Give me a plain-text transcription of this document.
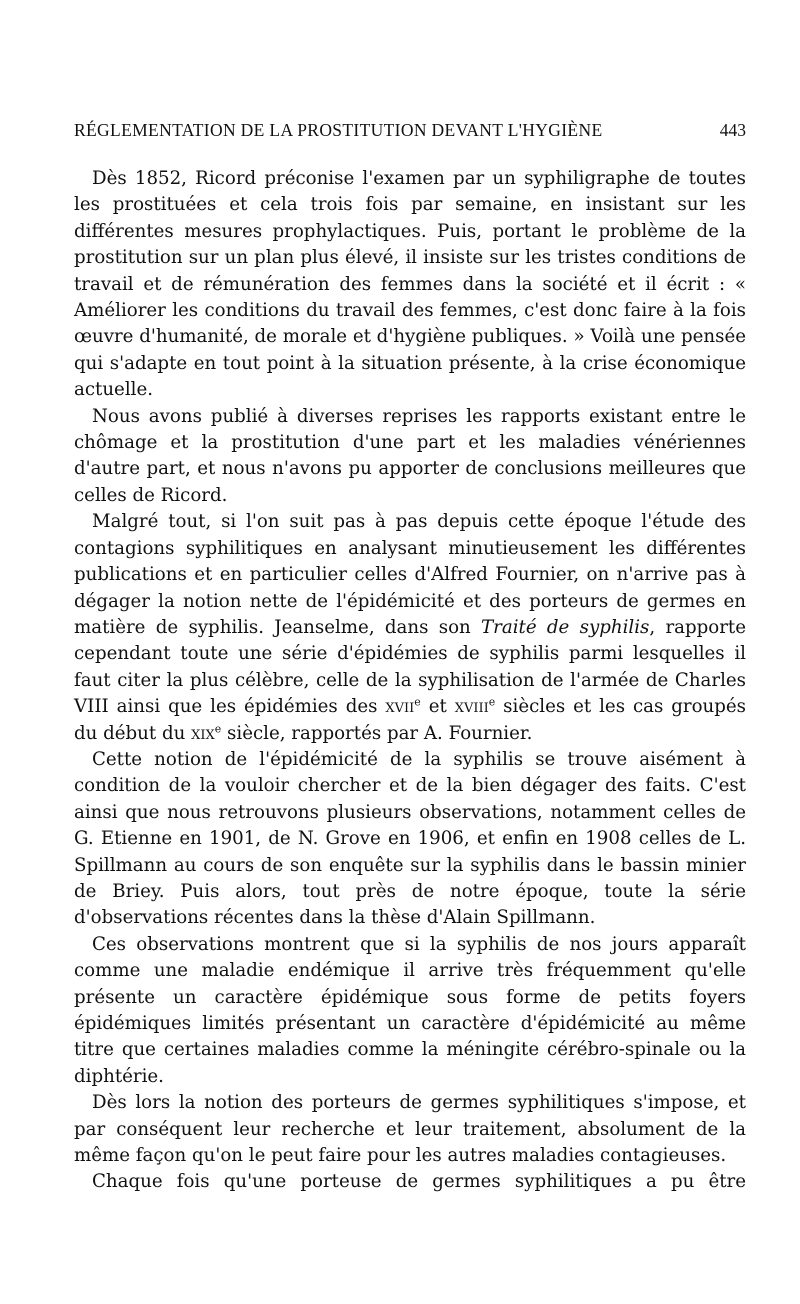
RÉGLEMENTATION DE LA PROSTITUTION DEVANT L'HYGIÈNE	443

Dès 1852, Ricord préconise l'examen par un syphiligraphe de toutes les prostituées et cela trois fois par semaine, en insistant sur les différentes mesures prophylactiques. Puis, portant le problème de la prostitution sur un plan plus élevé, il insiste sur les tristes conditions de travail et de rémunération des femmes dans la société et il écrit : « Améliorer les conditions du travail des femmes, c'est donc faire à la fois œuvre d'humanité, de morale et d'hygiène publiques. » Voilà une pensée qui s'adapte en tout point à la situation présente, à la crise économique actuelle.

Nous avons publié à diverses reprises les rapports existant entre le chômage et la prostitution d'une part et les maladies vénériennes d'autre part, et nous n'avons pu apporter de conclusions meilleures que celles de Ricord.

Malgré tout, si l'on suit pas à pas depuis cette époque l'étude des contagions syphilitiques en analysant minutieusement les différentes publications et en particulier celles d'Alfred Fournier, on n'arrive pas à dégager la notion nette de l'épidémicité et des porteurs de germes en matière de syphilis. Jeanselme, dans son Traité de syphilis, rapporte cependant toute une série d'épidémies de syphilis parmi lesquelles il faut citer la plus célèbre, celle de la syphilisation de l'armée de Charles VIII ainsi que les épidémies des xvii$^e$ et xviii$^e$ siècles et les cas groupés du début du xix$^e$ siècle, rapportés par A. Fournier.

Cette notion de l'épidémicité de la syphilis se trouve aisément à condition de la vouloir chercher et de la bien dégager des faits. C'est ainsi que nous retrouvons plusieurs observations, notamment celles de G. Etienne en 1901, de N. Grove en 1906, et enfin en 1908 celles de L. Spillmann au cours de son enquête sur la syphilis dans le bassin minier de Briey. Puis alors, tout près de notre époque, toute la série d'observations récentes dans la thèse d'Alain Spillmann.

Ces observations montrent que si la syphilis de nos jours apparaît comme une maladie endémique il arrive très fréquemment qu'elle présente un caractère épidémique sous forme de petits foyers épidémiques limités présentant un caractère d'épidémicité au même titre que certaines maladies comme la méningite cérébro-spinale ou la diphtérie.

Dès lors la notion des porteurs de germes syphilitiques s'impose, et par conséquent leur recherche et leur traitement, absolument de la même façon qu'on le peut faire pour les autres maladies contagieuses.

Chaque fois qu'une porteuse de germes syphilitiques a pu être
